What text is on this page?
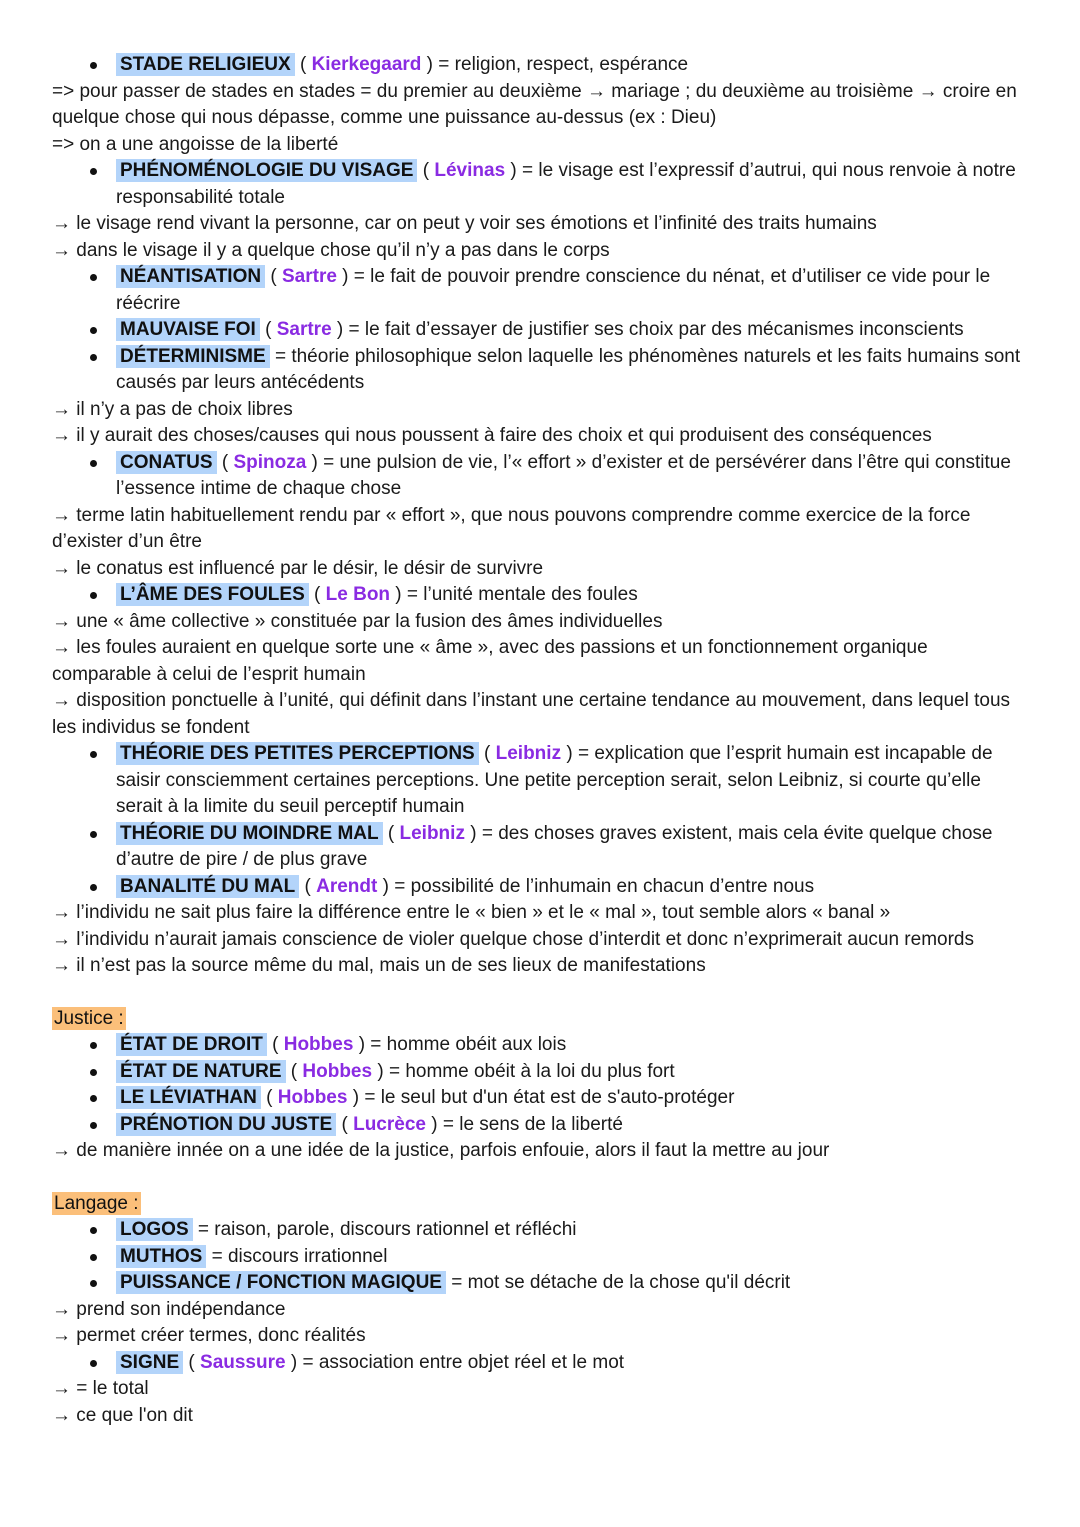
STADE RELIGIEUX ( Kierkegaard ) = religion, respect, espérance

=> pour passer de stades en stades = du premier au deuxième → mariage ; du deuxième au troisième → croire en quelque chose qui nous dépasse, comme une puissance au-dessus (ex : Dieu)

=> on a une angoisse de la liberté

PHÉNOMÉNOLOGIE DU VISAGE ( Lévinas ) = le visage est l’expressif d’autrui, qui nous renvoie à notre responsabilité totale

→ le visage rend vivant la personne, car on peut y voir ses émotions et l’infinité des traits humains

→ dans le visage il y a quelque chose qu’il n’y a pas dans le corps

NÉANTISATION ( Sartre ) = le fait de pouvoir prendre conscience du nénat, et d’utiliser ce vide pour le réécrire

MAUVAISE FOI ( Sartre ) = le fait d’essayer de justifier ses choix par des mécanismes inconscients

DÉTERMINISME = théorie philosophique selon laquelle les phénomènes naturels et les faits humains sont causés par leurs antécédents

→ il n’y a pas de choix libres

→ il y aurait des choses/causes qui nous poussent à faire des choix et qui produisent des conséquences

CONATUS ( Spinoza ) = une pulsion de vie, l’« effort » d’exister et de persévérer dans l’être qui constitue l’essence intime de chaque chose

→ terme latin habituellement rendu par « effort », que nous pouvons comprendre comme exercice de la force d’exister d’un être

→ le conatus est influencé par le désir, le désir de survivre

L’ÂME DES FOULES ( Le Bon ) = l’unité mentale des foules

→ une « âme collective » constituée par la fusion des âmes individuelles

→ les foules auraient en quelque sorte une « âme », avec des passions et un fonctionnement organique comparable à celui de l’esprit humain

→ disposition ponctuelle à l’unité, qui définit dans l’instant une certaine tendance au mouvement, dans lequel tous les individus se fondent

THÉORIE DES PETITES PERCEPTIONS ( Leibniz ) = explication que l’esprit humain est incapable de saisir consciemment certaines perceptions. Une petite perception serait, selon Leibniz, si courte qu’elle serait à la limite du seuil perceptif humain

THÉORIE DU MOINDRE MAL ( Leibniz ) = des choses graves existent, mais cela évite quelque chose d’autre de pire / de plus grave

BANALITÉ DU MAL ( Arendt ) = possibilité de l’inhumain en chacun d’entre nous

→ l’individu ne sait plus faire la différence entre le « bien » et le « mal », tout semble alors « banal »

→ l’individu n’aurait jamais conscience de violer quelque chose d’interdit et donc n’exprimerait aucun remords

→ il n’est pas la source même du mal, mais un de ses lieux de manifestations

Justice :

ÉTAT DE DROIT ( Hobbes ) = homme obéit aux lois

ÉTAT DE NATURE ( Hobbes ) = homme obéit à la loi du plus fort

LE LÉVIATHAN ( Hobbes ) = le seul but d'un état est de s'auto-protéger

PRÉNOTION DU JUSTE ( Lucrèce ) = le sens de la liberté

→ de manière innée on a une idée de la justice, parfois enfouie, alors il faut la mettre au jour

Langage :

LOGOS = raison, parole, discours rationnel et réfléchi

MUTHOS = discours irrationnel

PUISSANCE / FONCTION MAGIQUE = mot se détache de la chose qu'il décrit

→ prend son indépendance

→ permet créer termes, donc réalités

SIGNE ( Saussure ) = association entre objet réel et le mot

→ = le total

→ ce que l'on dit
